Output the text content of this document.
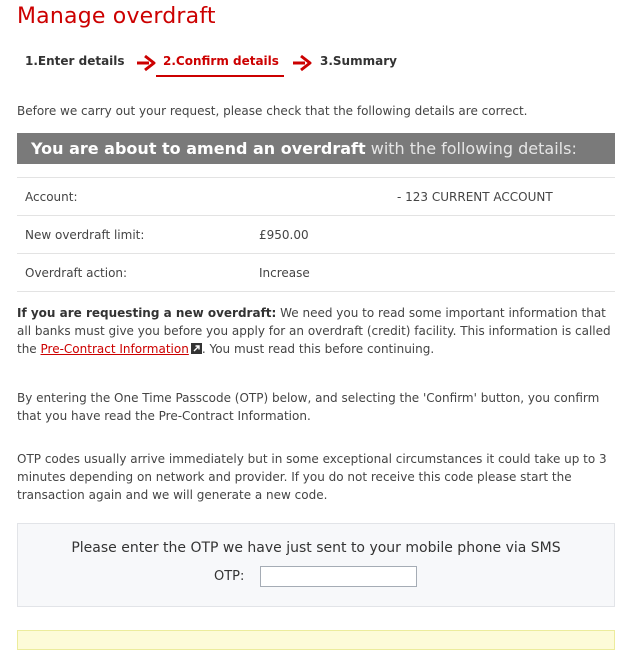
Manage overdraft
1.Enter details	2.Confirm details	3.Summary
Before we carry out your request, please check that the following details are correct.
You are about to amend an overdraft with the following details:
Account:	- 123 CURRENT ACCOUNT
New overdraft limit:	£950.00
Overdraft action:	Increase

If you are requesting a new overdraft: We need you to read some important information that all banks must give you before you apply for an overdraft (credit) facility. This information is called the Pre-Contract Information . You must read this before continuing.

By entering the One Time Passcode (OTP) below, and selecting the 'Confirm' button, you confirm that you have read the Pre-Contract Information.

OTP codes usually arrive immediately but in some exceptional circumstances it could take up to 3 minutes depending on network and provider. If you do not receive this code please start the transaction again and we will generate a new code.

Please enter the OTP we have just sent to your mobile phone via SMS
OTP:
